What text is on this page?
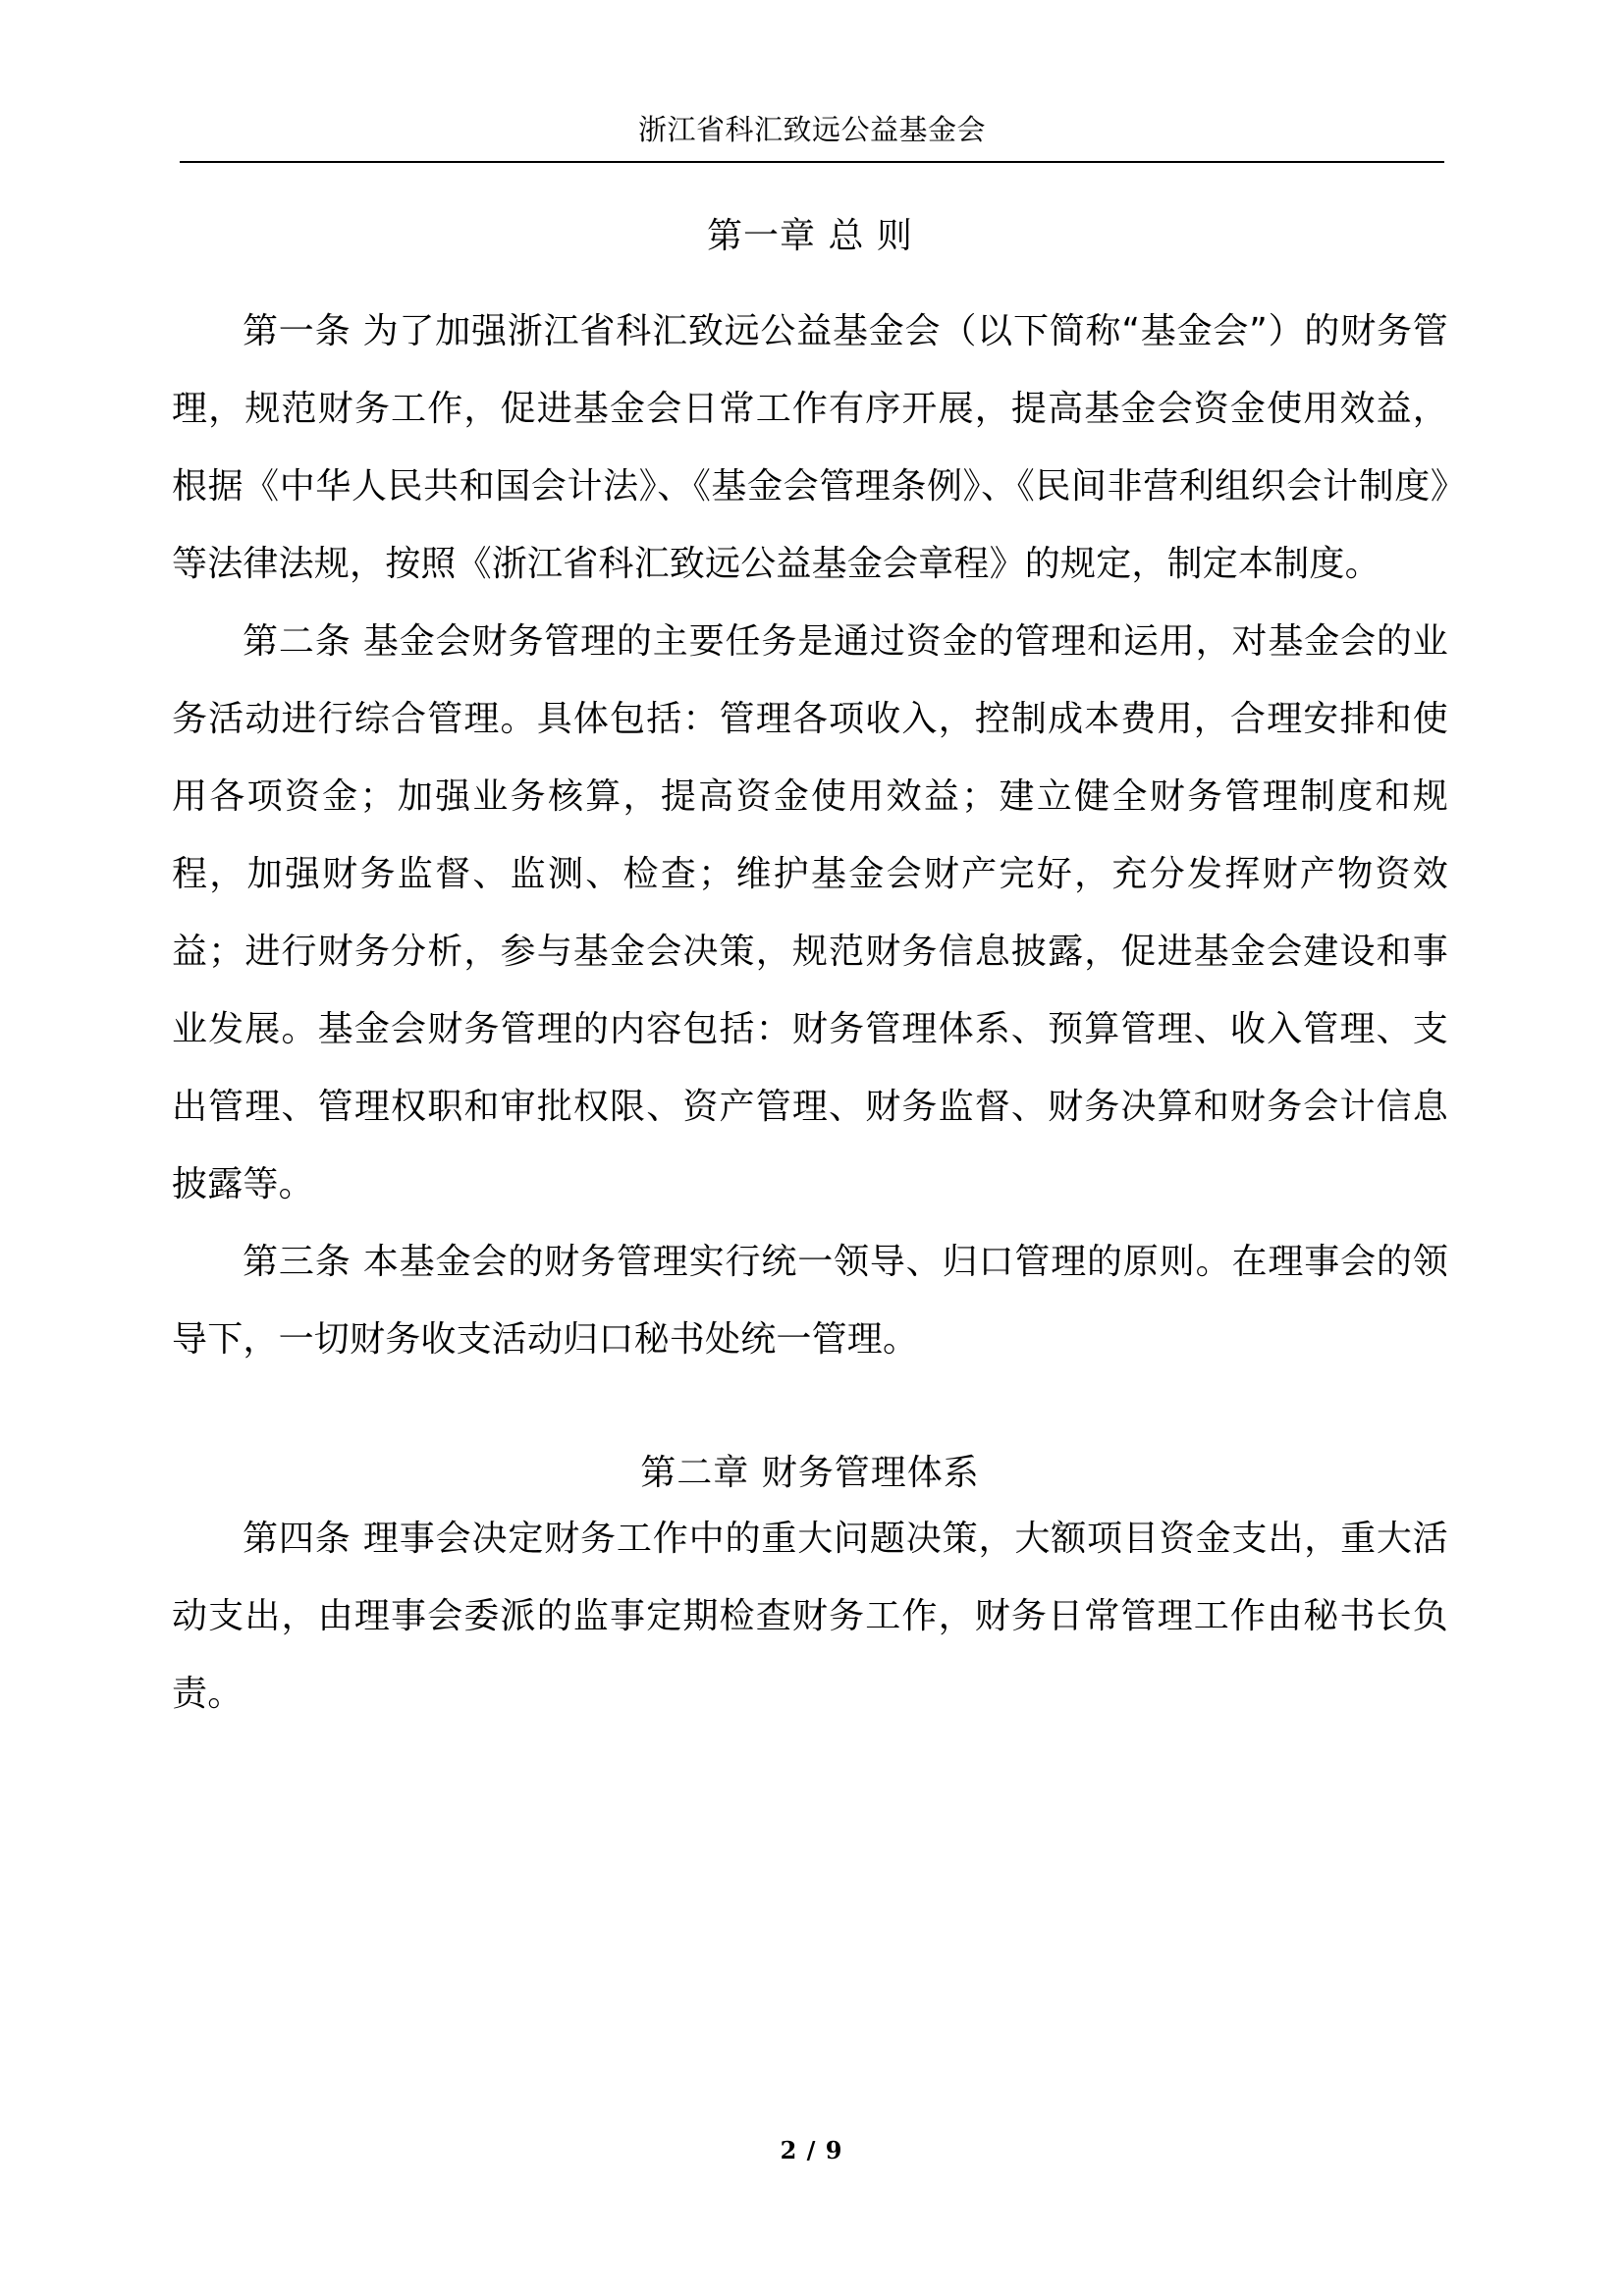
浙江省科汇致远公益基金会
第一章 总 则

第一条 为了加强浙江省科汇致远公益基金会（以下简称“基金会”）的财务管理，规范财务工作，促进基金会日常工作有序开展，提高基金会资金使用效益，根据《中华人民共和国会计法》、《基金会管理条例》、《民间非营利组织会计制度》等法律法规，按照《浙江省科汇致远公益基金会章程》的规定，制定本制度。

第二条 基金会财务管理的主要任务是通过资金的管理和运用，对基金会的业务活动进行综合管理。具体包括：管理各项收入，控制成本费用，合理安排和使用各项资金；加强业务核算，提高资金使用效益；建立健全财务管理制度和规程，加强财务监督、监测、检查；维护基金会财产完好，充分发挥财产物资效益；进行财务分析，参与基金会决策，规范财务信息披露，促进基金会建设和事业发展。基金会财务管理的内容包括：财务管理体系、预算管理、收入管理、支出管理、管理权职和审批权限、资产管理、财务监督、财务决算和财务会计信息披露等。

第三条 本基金会的财务管理实行统一领导、归口管理的原则。在理事会的领导下，一切财务收支活动归口秘书处统一管理。

第二章 财务管理体系

第四条 理事会决定财务工作中的重大问题决策，大额项目资金支出，重大活动支出，由理事会委派的监事定期检查财务工作，财务日常管理工作由秘书长负责。

2 / 9
